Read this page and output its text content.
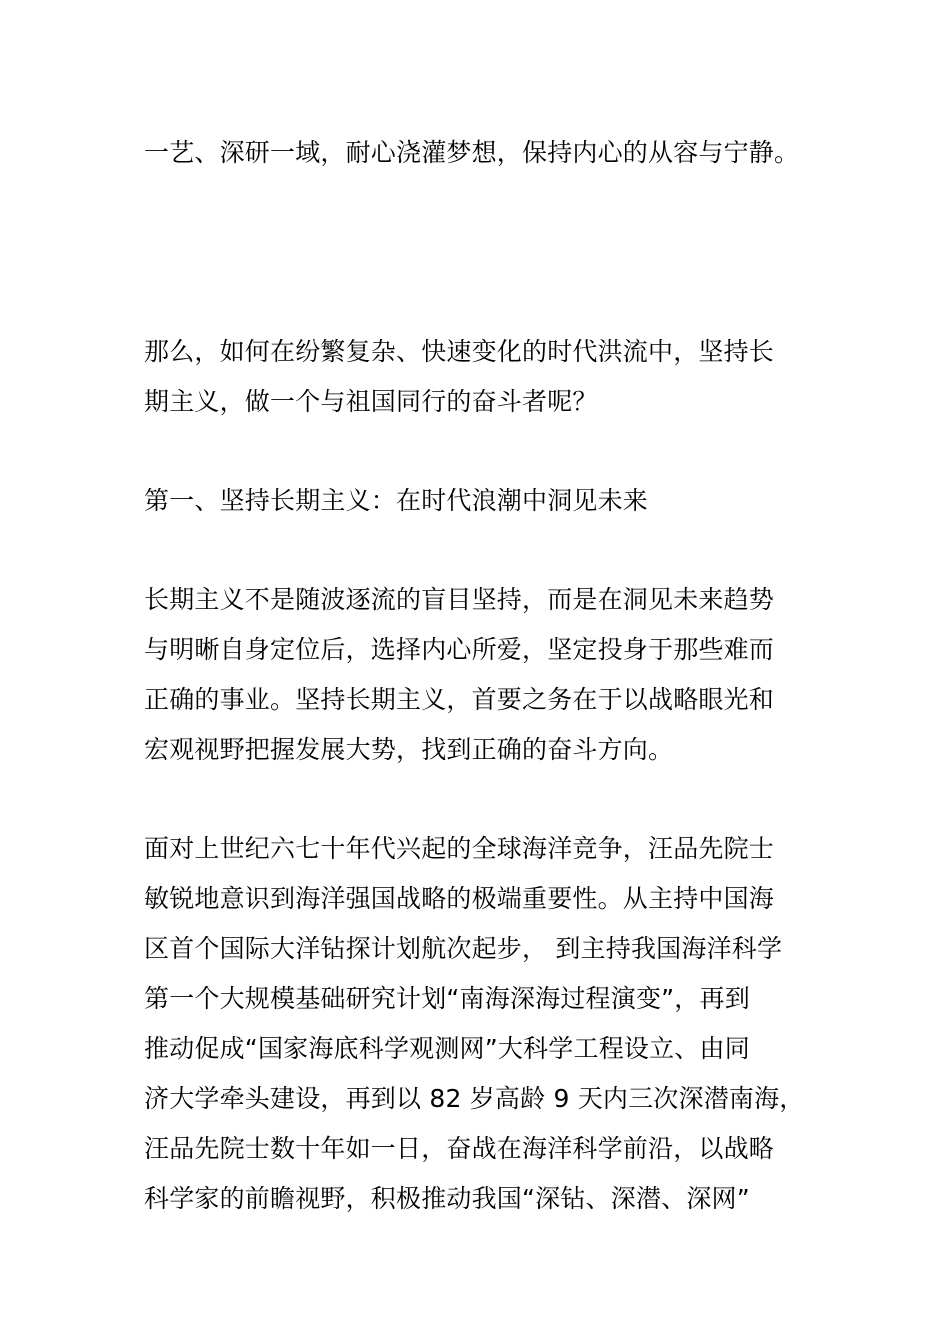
一艺、深研一域，耐心浇灌梦想，保持内心的从容与宁静。
那么，如何在纷繁复杂、快速变化的时代洪流中，坚持长
期主义，做一个与祖国同行的奋斗者呢？
第一、坚持长期主义：在时代浪潮中洞见未来
长期主义不是随波逐流的盲目坚持，而是在洞见未来趋势
与明晰自身定位后，选择内心所爱，坚定投身于那些难而
正确的事业。坚持长期主义，首要之务在于以战略眼光和
宏观视野把握发展大势，找到正确的奋斗方向。
面对上世纪六七十年代兴起的全球海洋竞争，汪品先院士
敏锐地意识到海洋强国战略的极端重要性。从主持中国海
区首个国际大洋钻探计划航次起步， 到主持我国海洋科学
第一个大规模基础研究计划“南海深海过程演变”，再到
推动促成“国家海底科学观测网”大科学工程设立、由同
济大学牵头建设，再到以 82 岁高龄 9 天内三次深潜南海，
汪品先院士数十年如一日，奋战在海洋科学前沿，以战略
科学家的前瞻视野，积极推动我国“深钻、深潜、深网”
